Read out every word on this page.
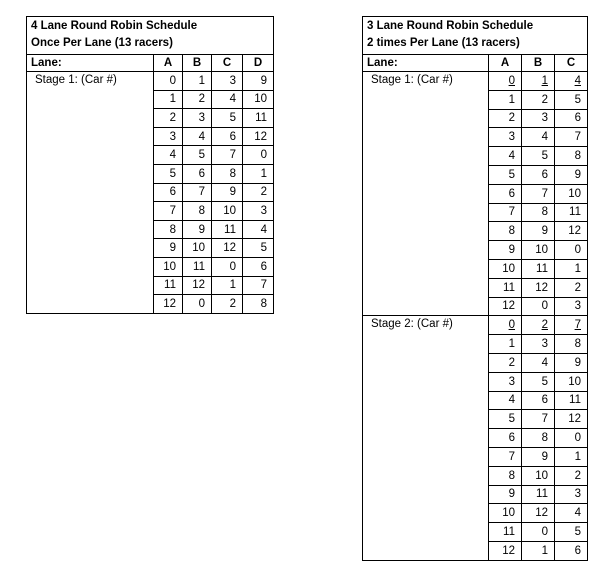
4 Lane Round Robin Schedule
Once Per Lane (13 racers)				

Lane:	A	B	C	D
Stage 1: (Car #)	0	1	3	9
	1	2	4	10
	2	3	5	11
	3	4	6	12
	4	5	7	0
	5	6	8	1
	6	7	9	2
	7	8	10	3
	8	9	11	4
	9	10	12	5
	10	11	0	6
	11	12	1	7
	12	0	2	8
3 Lane Round Robin Schedule
2 times Per Lane (13 racers)			

Lane:	A	B	C
Stage 1: (Car #)	0	1	4
	1	2	5
	2	3	6
	3	4	7
	4	5	8
	5	6	9
	6	7	10
	7	8	11
	8	9	12
	9	10	0
	10	11	1
	11	12	2
	12	0	3
Stage 2: (Car #)	0	2	7
	1	3	8
	2	4	9
	3	5	10
	4	6	11
	5	7	12
	6	8	0
	7	9	1
	8	10	2
	9	11	3
	10	12	4
	11	0	5
	12	1	6
